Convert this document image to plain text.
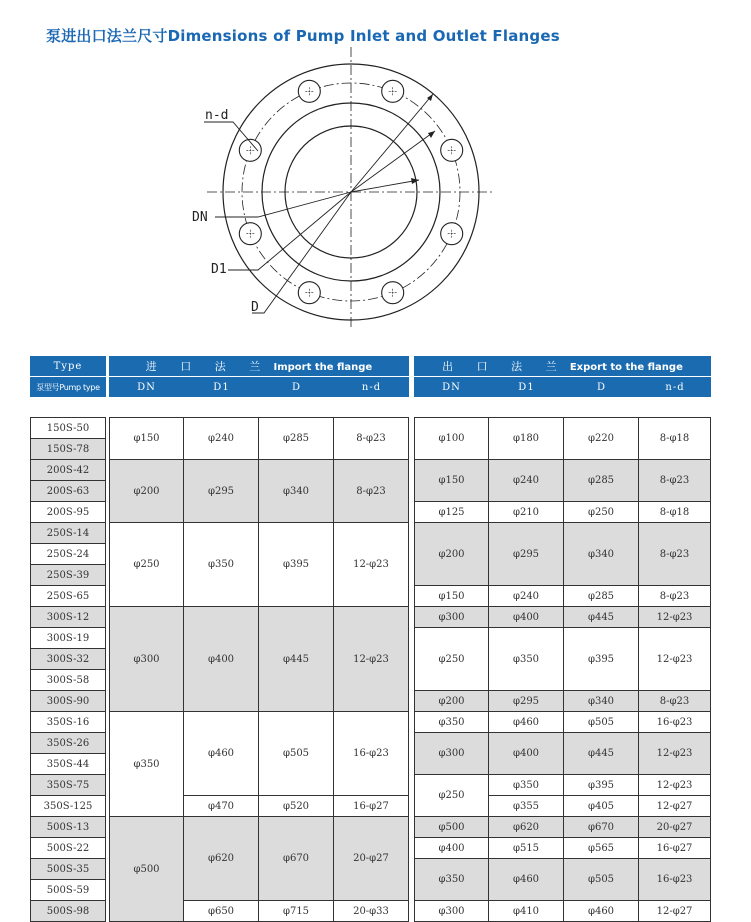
泵进出口法兰尺寸Dimensions of Pump Inlet and Outlet Flanges
n-d
DN
D1
D
Type		进 口 法 兰 Import the flange					出 口 法 兰 Export to the flange			
泵型号Pump type		DN	D1	D	n-d		DN	D1	D	n-d

150S-50		φ150	φ240	φ285	8-φ23		φ100	φ180	φ220	8-φ18
150S-78										
200S-42		φ200	φ295	φ340	8-φ23		φ150	φ240	φ285	8-φ23
200S-63										
200S-95							φ125	φ210	φ250	8-φ18
250S-14		φ250	φ350	φ395	12-φ23		φ200	φ295	φ340	8-φ23
250S-24										
250S-39										
250S-65							φ150	φ240	φ285	8-φ23
300S-12		φ300	φ400	φ445	12-φ23		φ300	φ400	φ445	12-φ23
300S-19							φ250	φ350	φ395	12-φ23
300S-32										
300S-58										
300S-90							φ200	φ295	φ340	8-φ23
350S-16		φ350	φ460	φ505	16-φ23		φ350	φ460	φ505	16-φ23
350S-26							φ300	φ400	φ445	12-φ23
350S-44										
350S-75							φ250	φ350	φ395	12-φ23
350S-125			φ470	φ520	16-φ27			φ355	φ405	12-φ27
500S-13		φ500	φ620	φ670	20-φ27		φ500	φ620	φ670	20-φ27
500S-22							φ400	φ515	φ565	16-φ27
500S-35							φ350	φ460	φ505	16-φ23
500S-59										
500S-98			φ650	φ715	20-φ33		φ300	φ410	φ460	12-φ27
